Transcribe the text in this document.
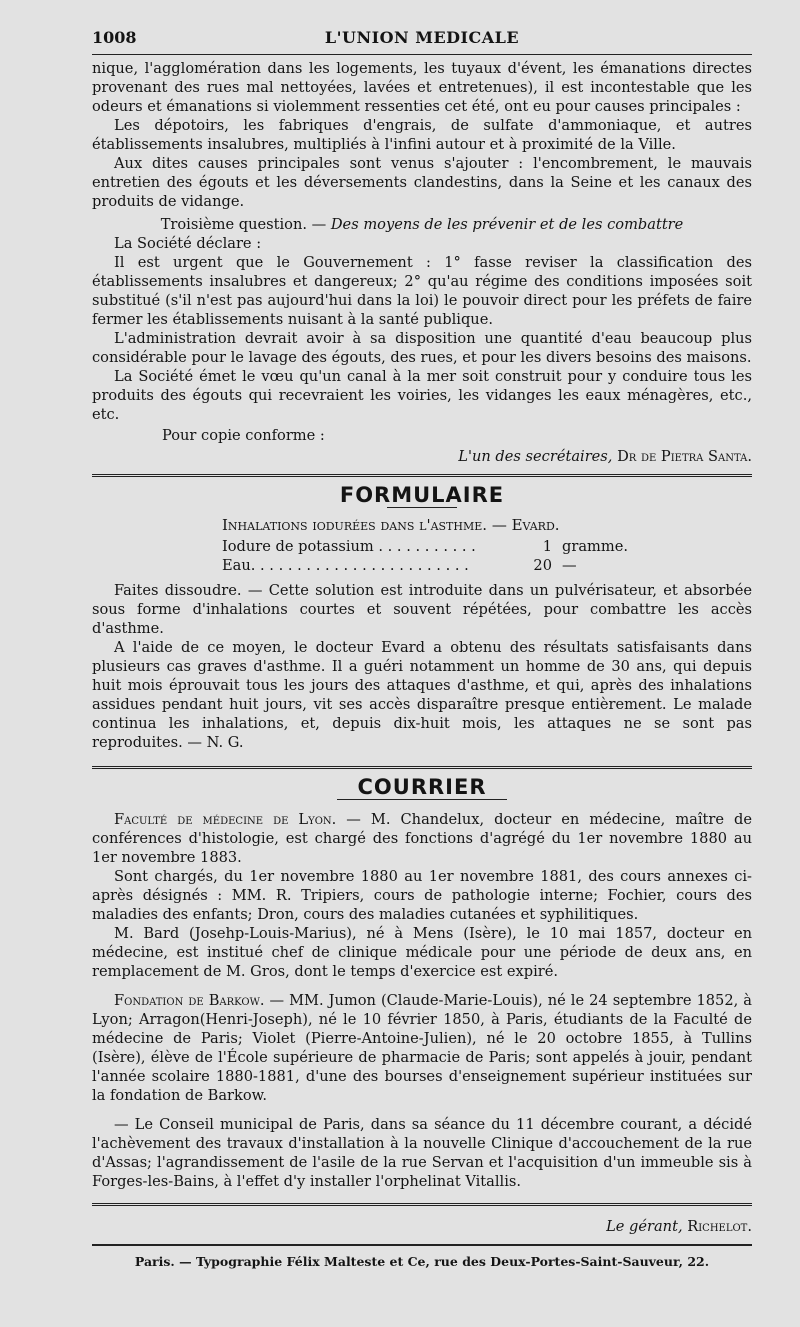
1008	L'UNION MEDICALE

nique, l'agglomération dans les logements, les tuyaux d'évent, les émanations directes provenant des rues mal nettoyées, lavées et entretenues), il est incontestable que les odeurs et émanations si violemment ressenties cet été, ont eu pour causes principales :

Les dépotoirs, les fabriques d'engrais, de sulfate d'ammoniaque, et autres établissements insalubres, multipliés à l'infini autour et à proximité de la Ville.

Aux dites causes principales sont venus s'ajouter : l'encombrement, le mauvais entretien des égouts et les déversements clandestins, dans la Seine et les canaux des produits de vidange.

Troisième question. — Des moyens de les prévenir et de les combattre

La Société déclare :

Il est urgent que le Gouvernement : 1° fasse reviser la classification des établissements insalubres et dangereux; 2° qu'au régime des conditions imposées soit substitué (s'il n'est pas aujourd'hui dans la loi) le pouvoir direct pour les préfets de faire fermer les établissements nuisant à la santé publique.

L'administration devrait avoir à sa disposition une quantité d'eau beaucoup plus considérable pour le lavage des égouts, des rues, et pour les divers besoins des maisons.

La Société émet le vœu qu'un canal à la mer soit construit pour y conduire tous les produits des égouts qui recevraient les voiries, les vidanges les eaux ménagères, etc., etc.

Pour copie conforme :

L'un des secrétaires, Dr de Pietra Santa.

FORMULAIRE
Inhalations iodurées dans l'asthme. — Evard.
Iodure de potassium . . . . . . . . . . .	1 gramme.
Eau. . . . . . . . . . . . . . . . . . . . . . . .	20 —

Faites dissoudre. — Cette solution est introduite dans un pulvérisateur, et absorbée sous forme d'inhalations courtes et souvent répétées, pour combattre les accès d'asthme.

A l'aide de ce moyen, le docteur Evard a obtenu des résultats satisfaisants dans plusieurs cas graves d'asthme. Il a guéri notamment un homme de 30 ans, qui depuis huit mois éprouvait tous les jours des attaques d'asthme, et qui, après des inhalations assidues pendant huit jours, vit ses accès disparaître presque entièrement. Le malade continua les inhalations, et, depuis dix-huit mois, les attaques ne se sont pas reproduites. — N. G.

COURRIER

Faculté de médecine de Lyon. — M. Chandelux, docteur en médecine, maître de conférences d'histologie, est chargé des fonctions d'agrégé du 1er novembre 1880 au 1er novembre 1883.

Sont chargés, du 1er novembre 1880 au 1er novembre 1881, des cours annexes ci-après désignés : MM. R. Tripiers, cours de pathologie interne; Fochier, cours des maladies des enfants; Dron, cours des maladies cutanées et syphilitiques.

M. Bard (Josehp-Louis-Marius), né à Mens (Isère), le 10 mai 1857, docteur en médecine, est institué chef de clinique médicale pour une période de deux ans, en remplacement de M. Gros, dont le temps d'exercice est expiré.

Fondation de Barkow. — MM. Jumon (Claude-Marie-Louis), né le 24 septembre 1852, à Lyon; Arragon(Henri-Joseph), né le 10 février 1850, à Paris, étudiants de la Faculté de médecine de Paris; Violet (Pierre-Antoine-Julien), né le 20 octobre 1855, à Tullins (Isère), élève de l'École supérieure de pharmacie de Paris; sont appelés à jouir, pendant l'année scolaire 1880-1881, d'une des bourses d'enseignement supérieur instituées sur la fondation de Barkow.

— Le Conseil municipal de Paris, dans sa séance du 11 décembre courant, a décidé l'achèvement des travaux d'installation à la nouvelle Clinique d'accouchement de la rue d'Assas; l'agrandissement de l'asile de la rue Servan et l'acquisition d'un immeuble sis à Forges-les-Bains, à l'effet d'y installer l'orphelinat Vitallis.

Le gérant, Richelot.

Paris. — Typographie Félix Malteste et Ce, rue des Deux-Portes-Saint-Sauveur, 22.
